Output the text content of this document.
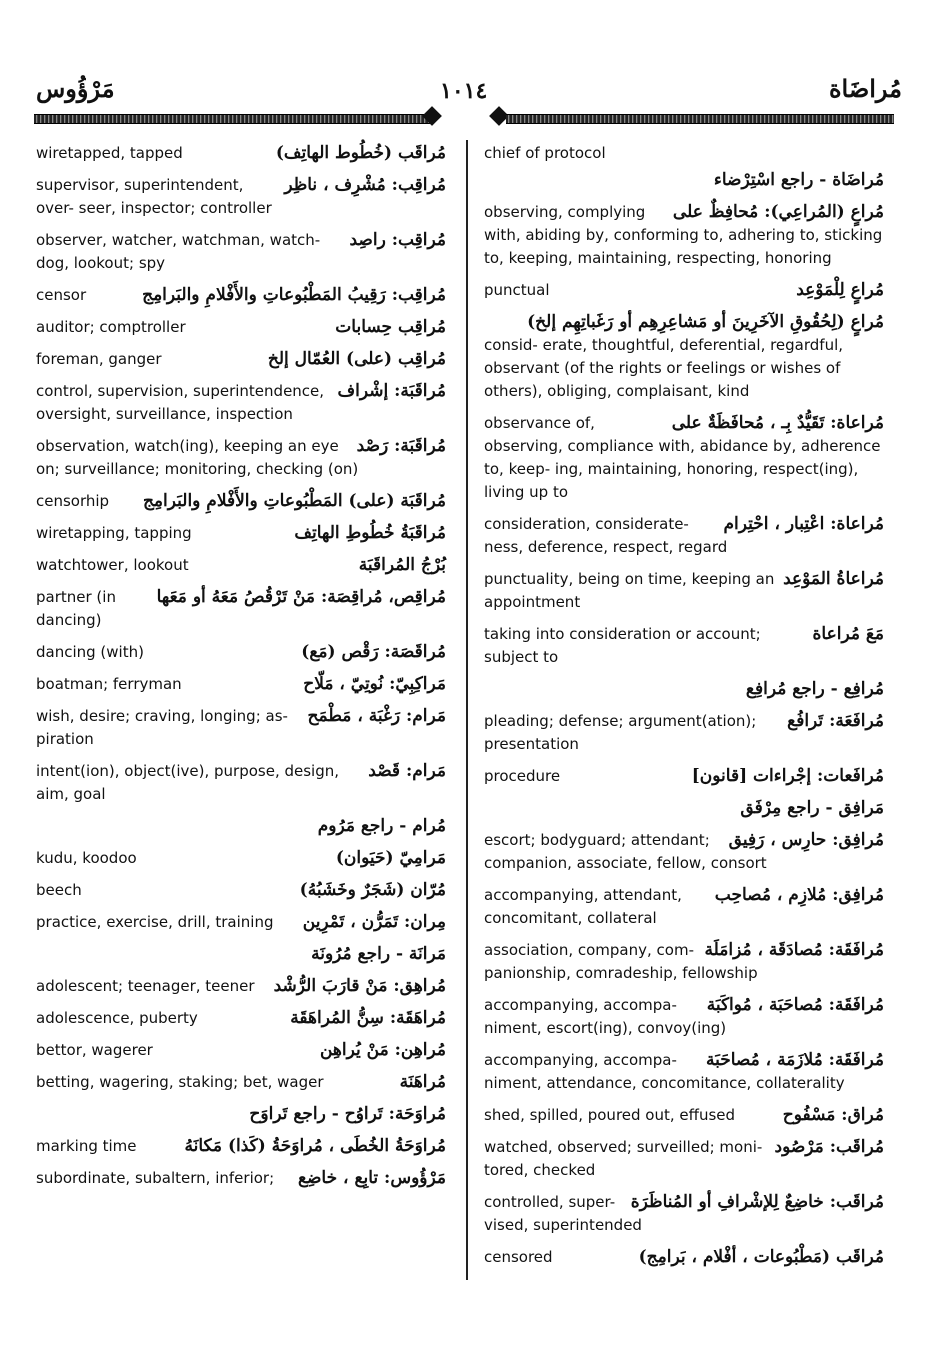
مَرْؤُوس	١٠١٤	مُراضَاة
مُراقَب (خُطُوط الهاتِف)
wiretapped, tapped
مُراقِب: مُشْرِف ، ناظِر
supervisor, superintendent, over- seer, inspector; controller
مُراقِب: راصِد
observer, watcher, watchman, watch- dog, lookout; spy
مُراقِب: رَقِيبُ المَطْبُوعاتِ والأَفْلامِ والبَرامِج
censor
مُراقِب حِسابات
auditor; comptroller
مُراقِب (على) العُمّال إلخ
foreman, ganger
مُراقَبَة: إشْراف
control, supervision, superintendence, oversight, surveillance, inspection
مُراقَبَة: رَصْد
observation, watch(ing), keeping an eye on; surveillance; monitoring, checking (on)
مُراقَبَة (على) المَطْبُوعاتِ والأَفْلامِ والبَرامِج
censorhip
مُراقَبَةُ خُطُوطِ الهاتِف
wiretapping, tapping
بُرْجُ المُراقَبَة
watchtower, lookout
مُراقِص، مُراقِصَة: مَنْ تَرْقُصُ مَعَهُ أو مَعَها
partner (in dancing)
مُراقَصَة: رَقْص (مَع)
dancing (with)
مَراكِبِيّ: نُوتِيّ ، مَلّاح
boatman; ferryman
مَرام: رَغْبَة ، مَطْمَح
wish, desire; craving, longing; as- piration
مَرام: قَصْد
intent(ion), object(ive), purpose, design, aim, goal
مُرام - راجع مَرُوم
مَرامِيّ (حَيَوان)
kudu, koodoo
مُرّان (شَجَرٌ وخَشَبُهُ)
beech
مِران: تَمَرُّن ، تَمْرِين
practice, exercise, drill, training
مَرانَة - راجع مُرُونَة
مُراهِق: مَنْ قارَبَ الرُّشْد
adolescent; teenager, teener
مُراهَقَة: سِنُّ المُراهَقَة
adolescence, puberty
مُراهِن: مَنْ يُراهِن
bettor, wagerer
مُراهَنَة
betting, wagering, staking; bet, wager
مُراوَحَة: تَراوُح - راجع تَراوَح
مُراوَحَةُ الخُطَى ، مُراوَحَةُ (كَذا) مَكانَهُ
marking time
مَرْؤُوس: تابِع ، خاضِع
subordinate, subaltern, inferior;
chief of protocol
مُراضَاة - راجع اسْتِرْضاء
مُراعٍ (المُراعِي): مُحافِظٌ على
observing, complying with, abiding by, conforming to, adhering to, sticking to, keeping, maintaining, respecting, honoring
مُراعٍ لِلْمَوْعِد
punctual
مُراعٍ (لِحُقُوقِ الآخَرِينَ أو مَشاعِرِهِم أو رَغَباتِهِم إلخ)
consid- erate, thoughtful, deferential, regardful, observant (of the rights or feelings or wishes of others), obliging, complaisant, kind
مُراعاة: تَقَيُّدٌ بِـ ، مُحافَظَةٌ على
observance of, observing, compliance with, abidance by, adherence to, keep- ing, maintaining, honoring, respect(ing), living up to
مُراعاة: اعْتِبار ، احْتِرام
consideration, considerate- ness, deference, respect, regard
مُراعاةُ المَوْعِد
punctuality, being on time, keeping an appointment
مَعَ مُراعاة
taking into consideration or account; subject to
مُرافِع - راجع مُرافِع
مُرافَعَة: تَرافُع
pleading; defense; argument(ation); presentation
مُرافَعات: إجْراءات [قانون]
procedure
مَرافِق - راجع مِرْفَق
مُرافِق: حارِس ، رَفِيق
escort; bodyguard; attendant; companion, associate, fellow, consort
مُرافِق: مُلازِم ، مُصاحِب
accompanying, attendant, concomitant, collateral
مُرافَقَة: مُصادَقَة ، مُزامَلَة
association, company, com- panionship, comradeship, fellowship
مُرافَقَة: مُصاحَبَة ، مُواكَبَة
accompanying, accompa- niment, escort(ing), convoy(ing)
مُرافَقَة: مُلازَمَة ، مُصاحَبَة
accompanying, accompa- niment, attendance, concomitance, collaterality
مُراق: مَسْفُوح
shed, spilled, poured out, effused
مُراقَب: مَرْصُود
watched, observed; surveilled; moni- tored, checked
مُراقَب: خاضِعٌ لِلإشْرافِ أو المُناظَرَة
controlled, super- vised, superintended
مُراقَب (مَطْبُوعات ، أفْلام ، بَرامِج)
censored
